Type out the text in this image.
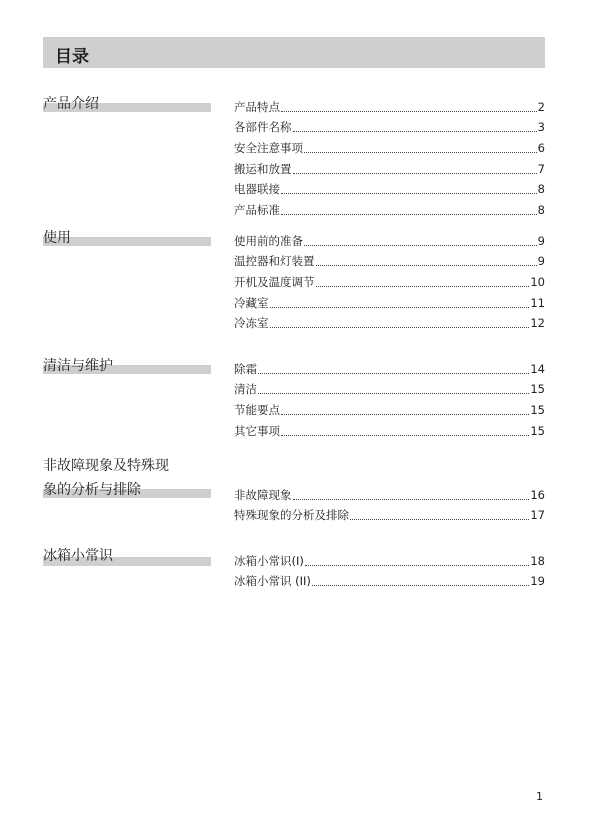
目录
产品介绍	产品特点	2
各部件名称	3
安全注意事项	6
搬运和放置	7
电器联接	8
产品标准	8
使用	使用前的准备	9
温控器和灯装置	9
开机及温度调节	10
冷藏室	11
冷冻室	12
清洁与维护	除霜	14
清洁	15
节能要点	15
其它事项	15
非故障现象及特殊现
象的分析与排除	非故障现象	16
特殊现象的分析及排除	17
冰箱小常识	冰箱小常识(I)	18
冰箱小常识 (II)	19
1
